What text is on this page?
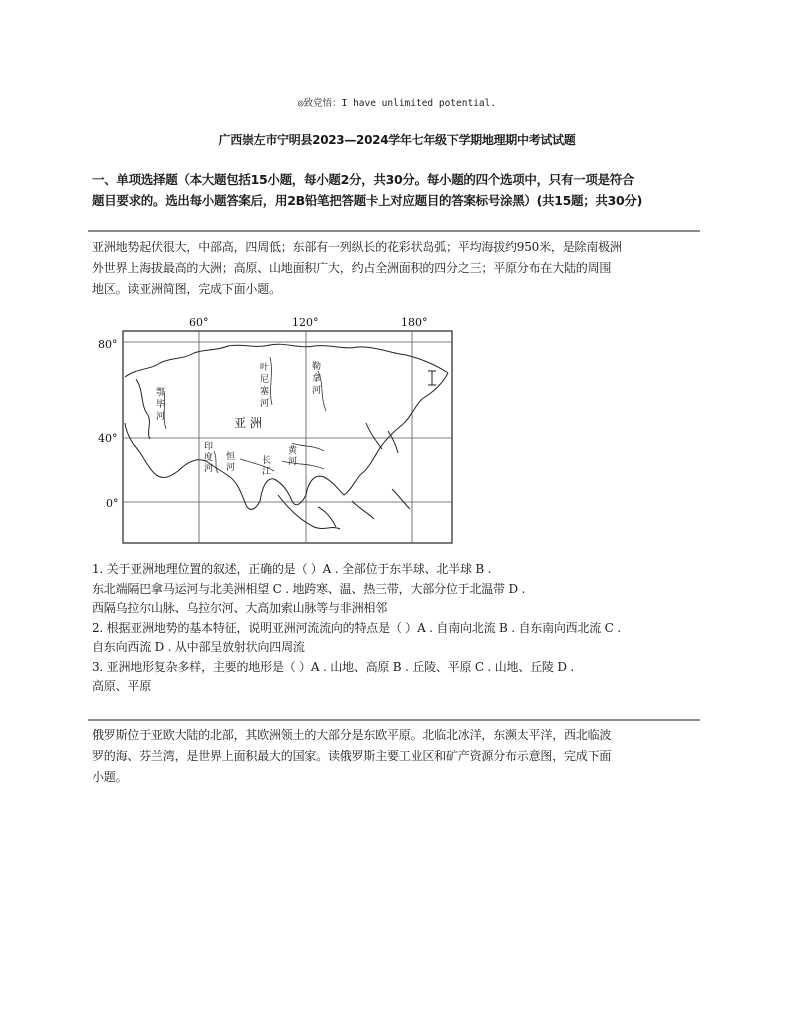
◎致党悟：I have unlimited potential.
广西崇左市宁明县2023—2024学年七年级下学期地理期中考试试题
一、单项选择题（本大题包括15小题，每小题2分，共30分。每小题的四个选项中，只有一项是符合
题目要求的。选出每小题答案后，用2B铅笔把答题卡上对应题目的答案标号涂黑）(共15题；共30分)
亚洲地势起伏很大，中部高，四周低；东部有一列纵长的花彩状岛弧；平均海拔约950米，是除南极洲
外世界上海拔最高的大洲；高原、山地面积广大，约占全洲面积的四分之三；平原分布在大陆的周围
地区。读亚洲简图，完成下面小题。
60°	120°	180°
80°
40°
0°
鄂
毕
河
叶
尼
塞
河
勒
拿
河
印
度
河
恒
河
黄
河
长
江
亚 洲
1. 关于亚洲地理位置的叙述，正确的是（ ）A . 全部位于东半球、北半球 B .
东北端隔巴拿马运河与北美洲相望 C . 地跨寒、温、热三带，大部分位于北温带 D .
西隔乌拉尔山脉、乌拉尔河、大高加索山脉等与非洲相邻
2. 根据亚洲地势的基本特征，说明亚洲河流流向的特点是（ ）A . 自南向北流 B . 自东南向西北流 C .
自东向西流 D . 从中部呈放射状向四周流
3. 亚洲地形复杂多样，主要的地形是（ ）A . 山地、高原 B . 丘陵、平原 C . 山地、丘陵 D .
高原、平原
俄罗斯位于亚欧大陆的北部，其欧洲领土的大部分是东欧平原。北临北冰洋，东濒太平洋，西北临波
罗的海、芬兰湾，是世界上面积最大的国家。读俄罗斯主要工业区和矿产资源分布示意图，完成下面
小题。
